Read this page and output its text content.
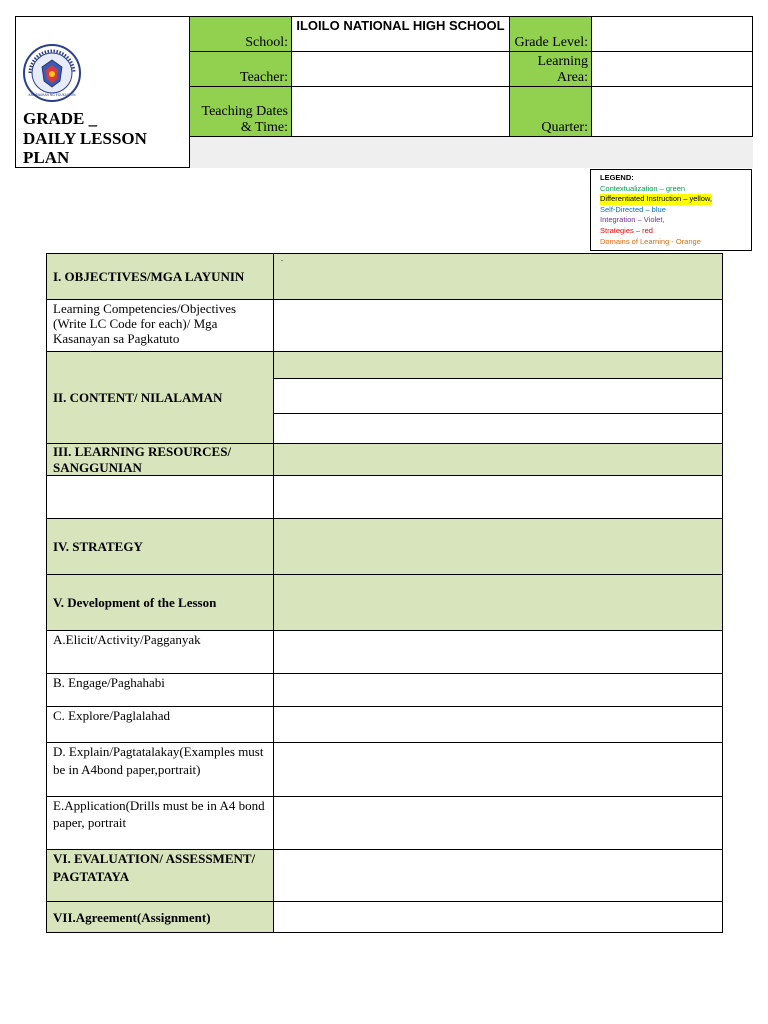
KAGAWARAN NG EDUKASYON
GRADE _
DAILY LESSON
PLAN
School:
ILOILO NATIONAL HIGH SCHOOL
Grade Level:
Teacher:
Learning Area:
Teaching Dates & Time:	Quarter:
LEGEND:
Contextualization – green
Differentiated Instruction – yellow,
Self-Directed – blue
Integration – Violet,
Strategies – red
Domains of Learning - Orange
I. OBJECTIVES/MGA LAYUNIN
.
Learning Competencies/Objectives (Write LC Code for each)/ Mga Kasanayan sa Pagkatuto
II. CONTENT/ NILALAMAN
III. LEARNING RESOURCES/ SANGGUNIAN
IV. STRATEGY
V. Development of the Lesson
A.Elicit/Activity/Pagganyak
B. Engage/Paghahabi
C. Explore/Paglalahad
D. Explain/Pagtatalakay(Examples must be in A4bond paper,portrait)
E.Application(Drills must be in A4 bond paper, portrait
VI. EVALUATION/ ASSESSMENT/ PAGTATAYA
VII.Agreement(Assignment)
